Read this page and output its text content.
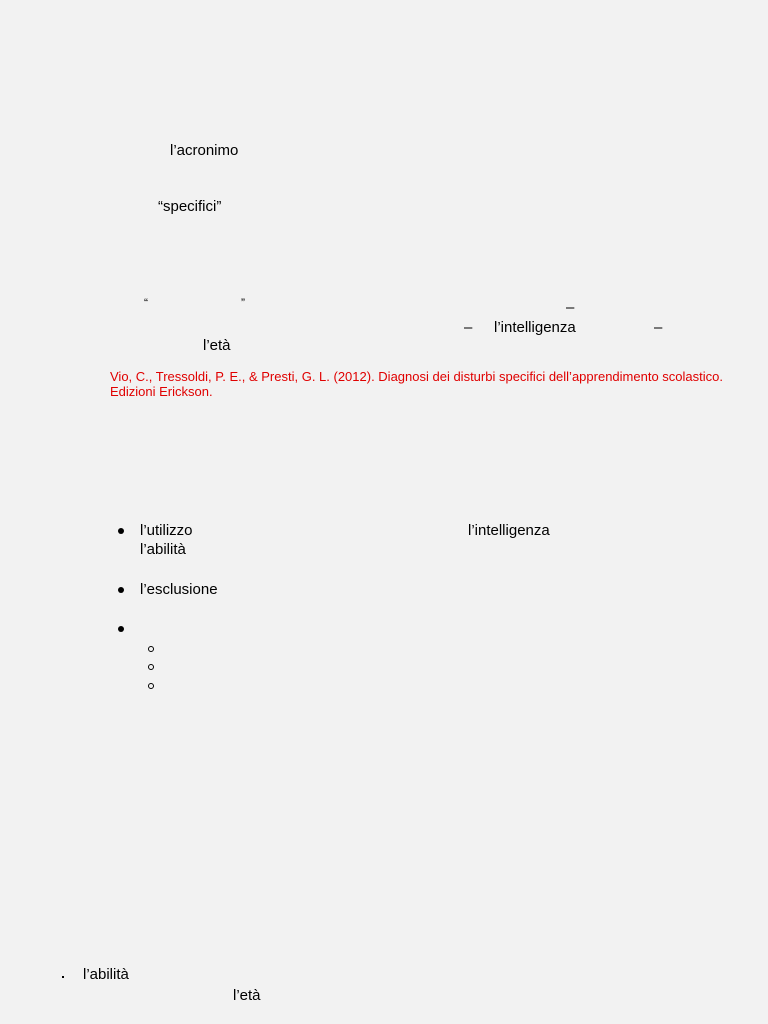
l’acronimo
“specifici”
“	”	–
– l’intelligenza	–
l’età
Vio, C., Tressoldi, P. E., & Presti, G. L. (2012). Diagnosi dei disturbi specifici dell’apprendimento scolastico.
Edizioni Erickson.
l’utilizzo	l’intelligenza
l’abilità
l’esclusione
l’abilità
l’età
